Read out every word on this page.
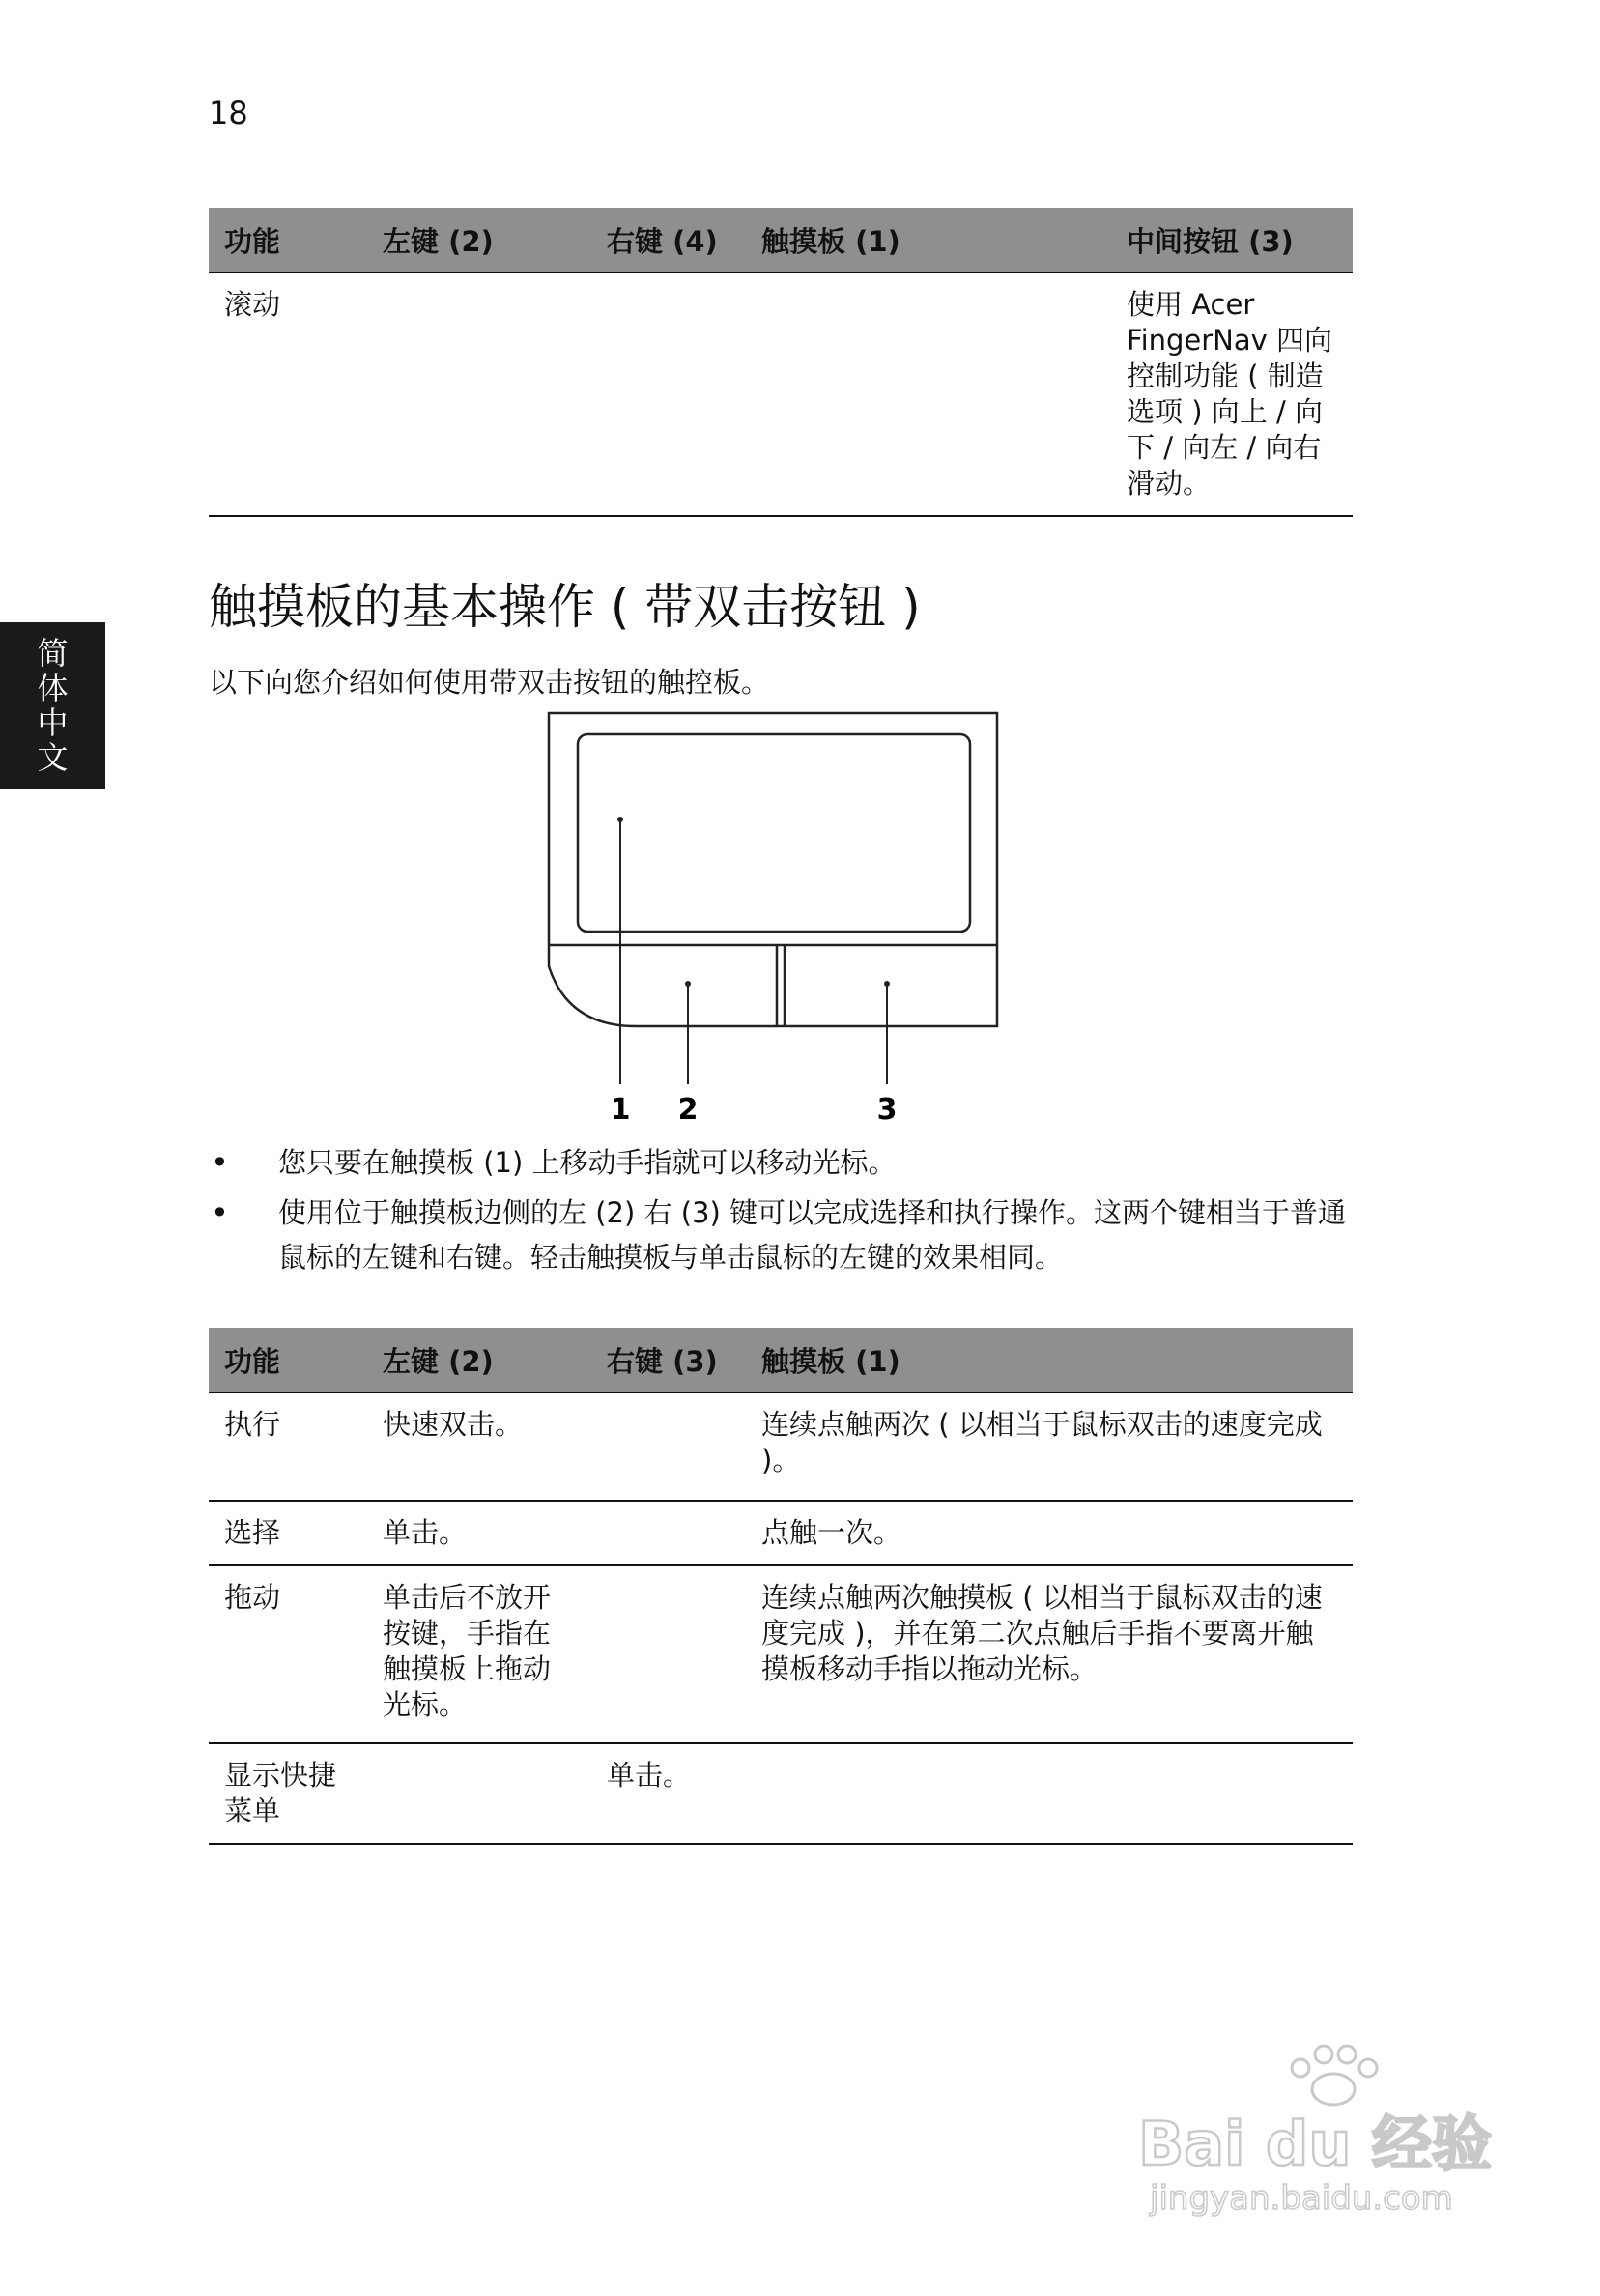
18
简
体
中
文
功能	左键 (2)	右键 (4)	触摸板 (1)	中间按钮 (3)
滚动				使用 Acer FingerNav 四向控制功能 ( 制造选项 ) 向上 / 向下 / 向左 / 向右滑动。
触摸板的基本操作 ( 带双击按钮 )

以下向您介绍如何使用带双击按钮的触控板。

1 2	3
• 您只要在触摸板 (1) 上移动手指就可以移动光标。
• 使用位于触摸板边侧的左 (2) 右 (3) 键可以完成选择和执行操作。这两个键相当于普通鼠标的左键和右键。轻击触摸板与单击鼠标的左键的效果相同。
功能	左键 (2)	右键 (3)	触摸板 (1)
执行	快速双击。		连续点触两次 ( 以相当于鼠标双击的速度完成 )。
选择	单击。		点触一次。
拖动	单击后不放开按键，手指在触摸板上拖动光标。		连续点触两次触摸板 ( 以相当于鼠标双击的速度完成 )，并在第二次点触后手指不要离开触摸板移动手指以拖动光标。
显示快捷菜单		单击。	
Bai du 经验
jingyan.baidu.com
